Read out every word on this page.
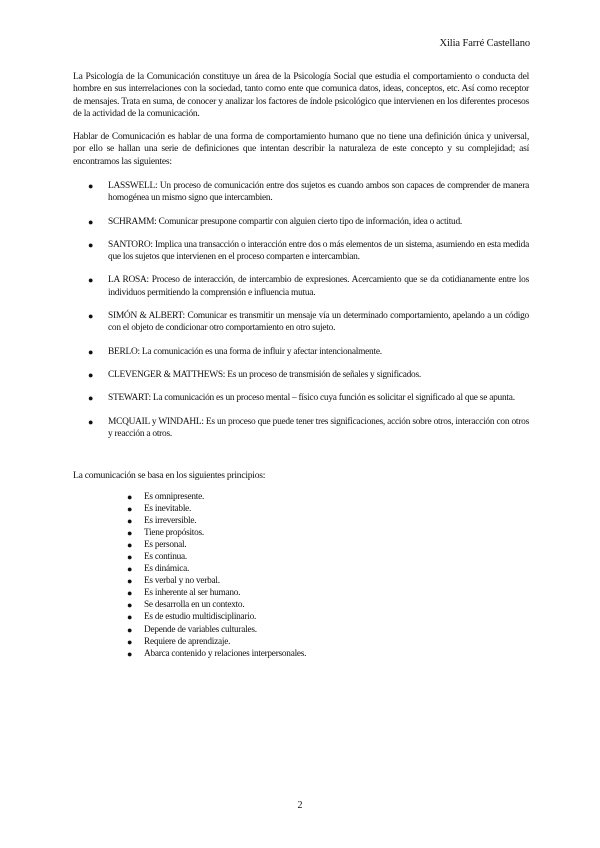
Xilia Farré Castellano

La Psicología de la Comunicación constituye un área de la Psicología Social que estudia el comportamiento o conducta del hombre en sus interrelaciones con la sociedad, tanto como ente que comunica datos, ideas, conceptos, etc. Así como receptor de mensajes. Trata en suma, de conocer y analizar los factores de índole psicológico que intervienen en los diferentes procesos de la actividad de la comunicación.

Hablar de Comunicación es hablar de una forma de comportamiento humano que no tiene una definición única y universal, por ello se hallan una serie de definiciones que intentan describir la naturaleza de este concepto y su complejidad; así encontramos las siguientes:

● LASSWELL: Un proceso de comunicación entre dos sujetos es cuando ambos son capaces de comprender de manera homogénea un mismo signo que intercambien.
● SCHRAMM: Comunicar presupone compartir con alguien cierto tipo de información, idea o actitud.
● SANTORO: Implica una transacción o interacción entre dos o más elementos de un sistema, asumiendo en esta medida que los sujetos que intervienen en el proceso comparten e intercambian.
● LA ROSA: Proceso de interacción, de intercambio de expresiones. Acercamiento que se da cotidianamente entre los individuos permitiendo la comprensión e influencia mutua.
● SIMÓN & ALBERT: Comunicar es transmitir un mensaje vía un determinado comportamiento, apelando a un código con el objeto de condicionar otro comportamiento en otro sujeto.
● BERLO: La comunicación es una forma de influir y afectar intencionalmente.
● CLEVENGER & MATTHEWS: Es un proceso de transmisión de señales y significados.
● STEWART: La comunicación es un proceso mental – físico cuya función es solicitar el significado al que se apunta.
● MCQUAIL y WINDAHL: Es un proceso que puede tener tres significaciones, acción sobre otros, interacción con otros y reacción a otros.

La comunicación se basa en los siguientes principios:

● Es omnipresente.
● Es inevitable.
● Es irreversible.
● Tiene propósitos.
● Es personal.
● Es continua.
● Es dinámica.
● Es verbal y no verbal.
● Es inherente al ser humano.
● Se desarrolla en un contexto.
● Es de estudio multidisciplinario.
● Depende de variables culturales.
● Requiere de aprendizaje.
● Abarca contenido y relaciones interpersonales.
2
